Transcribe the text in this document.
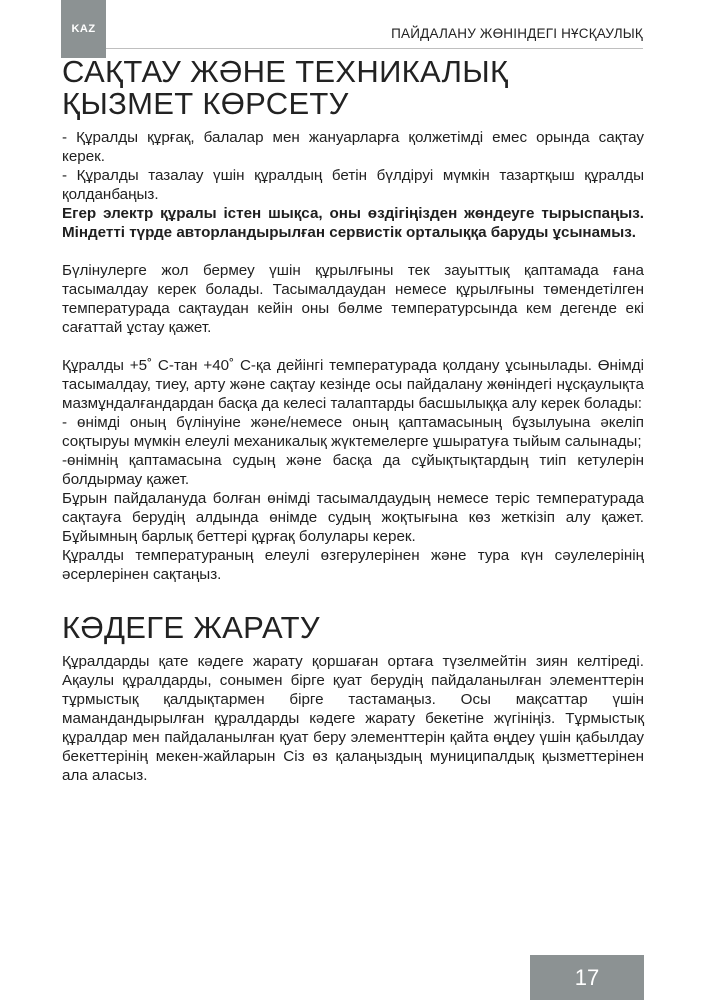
KAZ	ПАЙДАЛАНУ ЖӨНІНДЕГІ НҰСҚАУЛЫҚ
САҚТАУ ЖӘНЕ ТЕХНИКАЛЫҚ ҚЫЗМЕТ КӨРСЕТУ

- Құралды құрғақ, балалар мен жануарларға қолжетімді емес орында сақтау керек.

- Құралды тазалау үшін құралдың бетін бүлдіруі мүмкін тазартқыш құралды қолданбаңыз.

Егер электр құралы істен шықса, оны өздігіңізден жөндеуге тырыспаңыз. Міндетті түрде авторландырылған сервистік орталыққа баруды ұсынамыз.

Бүлінулерге жол бермеу үшін құрылғыны тек зауыттық қаптамада ғана тасымалдау керек болады. Тасымалдаудан немесе құрылғыны төмендетілген температурада сақтаудан кейін оны бөлме температурсында кем дегенде екі сағаттай ұстау қажет.

Құралды +5˚ С-тан +40˚ С-қа дейінгі температурада қолдану ұсынылады. Өнімді тасымалдау, тиеу, арту және сақтау кезінде осы пайдалану жөніндегі нұсқаулықта мазмұндалғандардан басқа да келесі талаптарды басшылыққа алу керек болады:

- өнімді оның бүлінуіне және/немесе оның қаптамасының бұзылуына әкеліп соқтыруы мүмкін елеулі механикалық жүктемелерге ұшыратуға тыйым салынады;

-өнімнің қаптамасына судың және басқа да сұйықтықтардың тиіп кетулерін болдырмау қажет.

Бұрын пайдалануда болған өнімді тасымалдаудың немесе теріс температурада сақтауға берудің алдында өнімде судың жоқтығына көз жеткізіп алу қажет. Бұйымның барлық беттері құрғақ болулары керек.

Құралды температураның елеулі өзгерулерінен және тура күн сәулелерінің әсерлерінен сақтаңыз.

КӘДЕГЕ ЖАРАТУ

Құралдарды қате кәдеге жарату қоршаған ортаға түзелмейтін зиян келтіреді. Ақаулы құралдарды, сонымен бірге қуат берудің пайдаланылған элементтерін тұрмыстық қалдықтармен бірге тастамаңыз. Осы мақсаттар үшін мамандандырылған құралдарды кәдеге жарату бекетіне жүгініңіз. Тұрмыстық құралдар мен пайдаланылған қуат беру элементтерін қайта өңдеу үшін қабылдау бекеттерінің мекен-жайларын Сіз өз қалаңыздың муниципалдық қызметтерінен ала аласыз.

17
